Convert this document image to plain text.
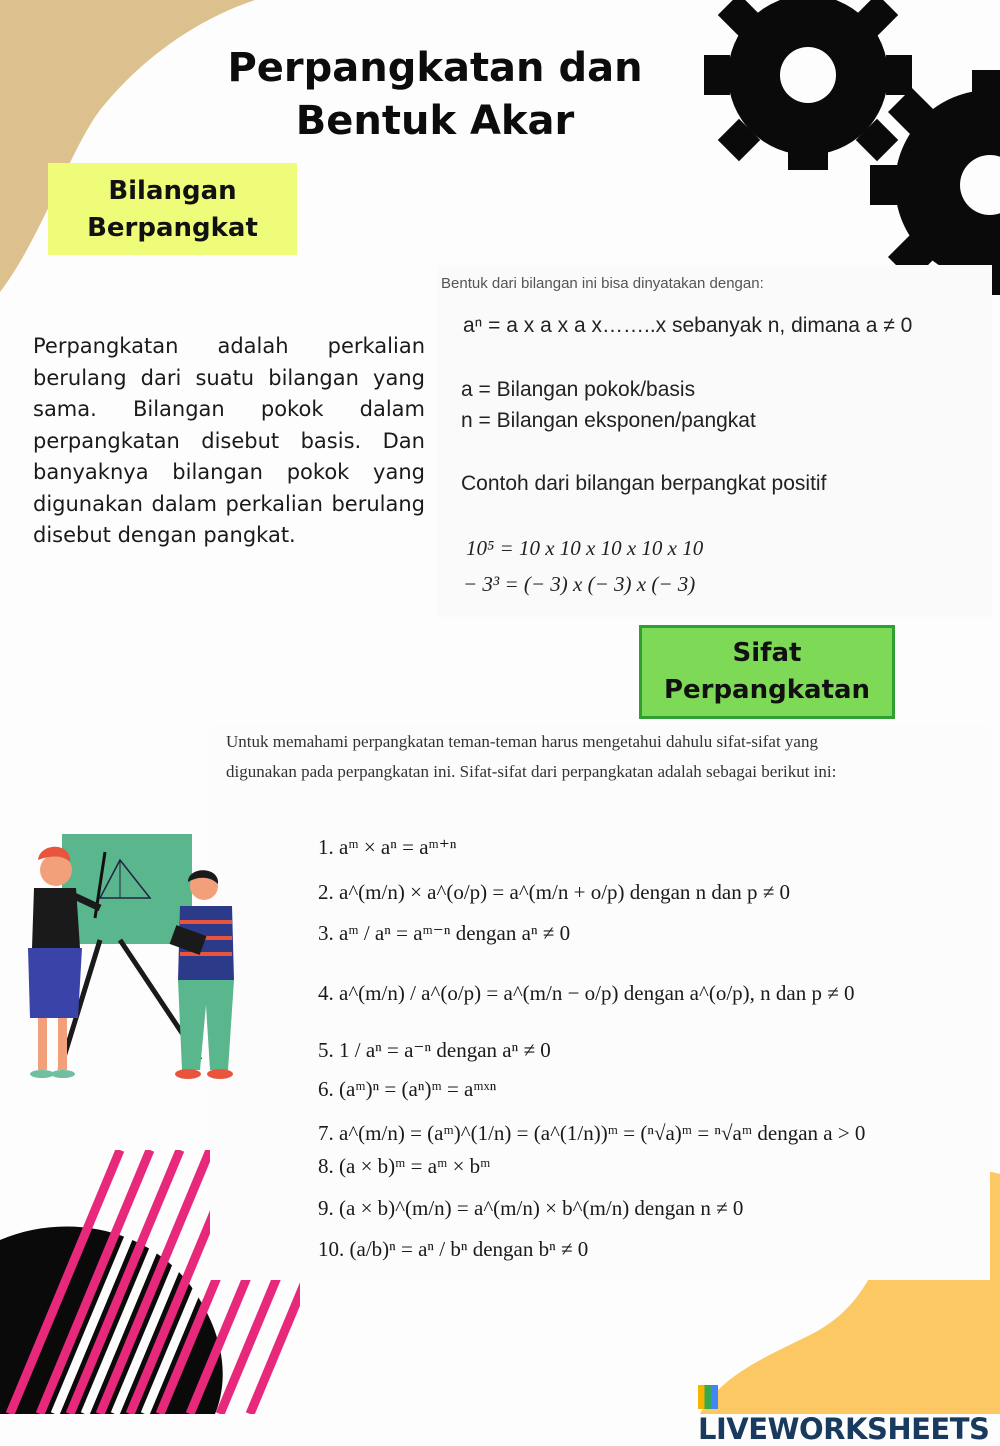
Perpangkatan dan
Bentuk Akar
Bilangan
Berpangkat
Perpangkatan adalah perkalian berulang dari suatu bilangan yang sama. Bilangan pokok dalam perpangkatan disebut basis. Dan banyaknya bilangan pokok yang digunakan dalam perkalian berulang disebut dengan pangkat.
Bentuk dari bilangan ini bisa dinyatakan dengan:
aⁿ = a x a x a x……..x sebanyak n, dimana a ≠ 0
a = Bilangan pokok/basis
n = Bilangan eksponen/pangkat
Contoh dari bilangan berpangkat positif
10⁵ = 10 x 10 x 10 x 10 x 10
− 3³ = (− 3) x (− 3) x (− 3)
Sifat
Perpangkatan
Untuk memahami perpangkatan teman-teman harus mengetahui dahulu sifat-sifat yang
digunakan pada perpangkatan ini. Sifat-sifat dari perpangkatan adalah sebagai berikut ini:
1. aᵐ × aⁿ = aᵐ⁺ⁿ
2. a^(m/n) × a^(o/p) = a^(m/n + o/p) dengan n dan p ≠ 0
3. aᵐ / aⁿ = aᵐ⁻ⁿ dengan aⁿ ≠ 0
4. a^(m/n) / a^(o/p) = a^(m/n − o/p) dengan a^(o/p), n dan p ≠ 0
5. 1 / aⁿ = a⁻ⁿ dengan aⁿ ≠ 0
6. (aᵐ)ⁿ = (aⁿ)ᵐ = aᵐˣⁿ
7. a^(m/n) = (aᵐ)^(1/n) = (a^(1/n))ᵐ = (ⁿ√a)ᵐ = ⁿ√aᵐ dengan a > 0
8. (a × b)ᵐ = aᵐ × bᵐ
9. (a × b)^(m/n) = a^(m/n) × b^(m/n) dengan n ≠ 0
10. (a/b)ⁿ = aⁿ / bⁿ dengan bⁿ ≠ 0
LIVEWORKSHEETS
